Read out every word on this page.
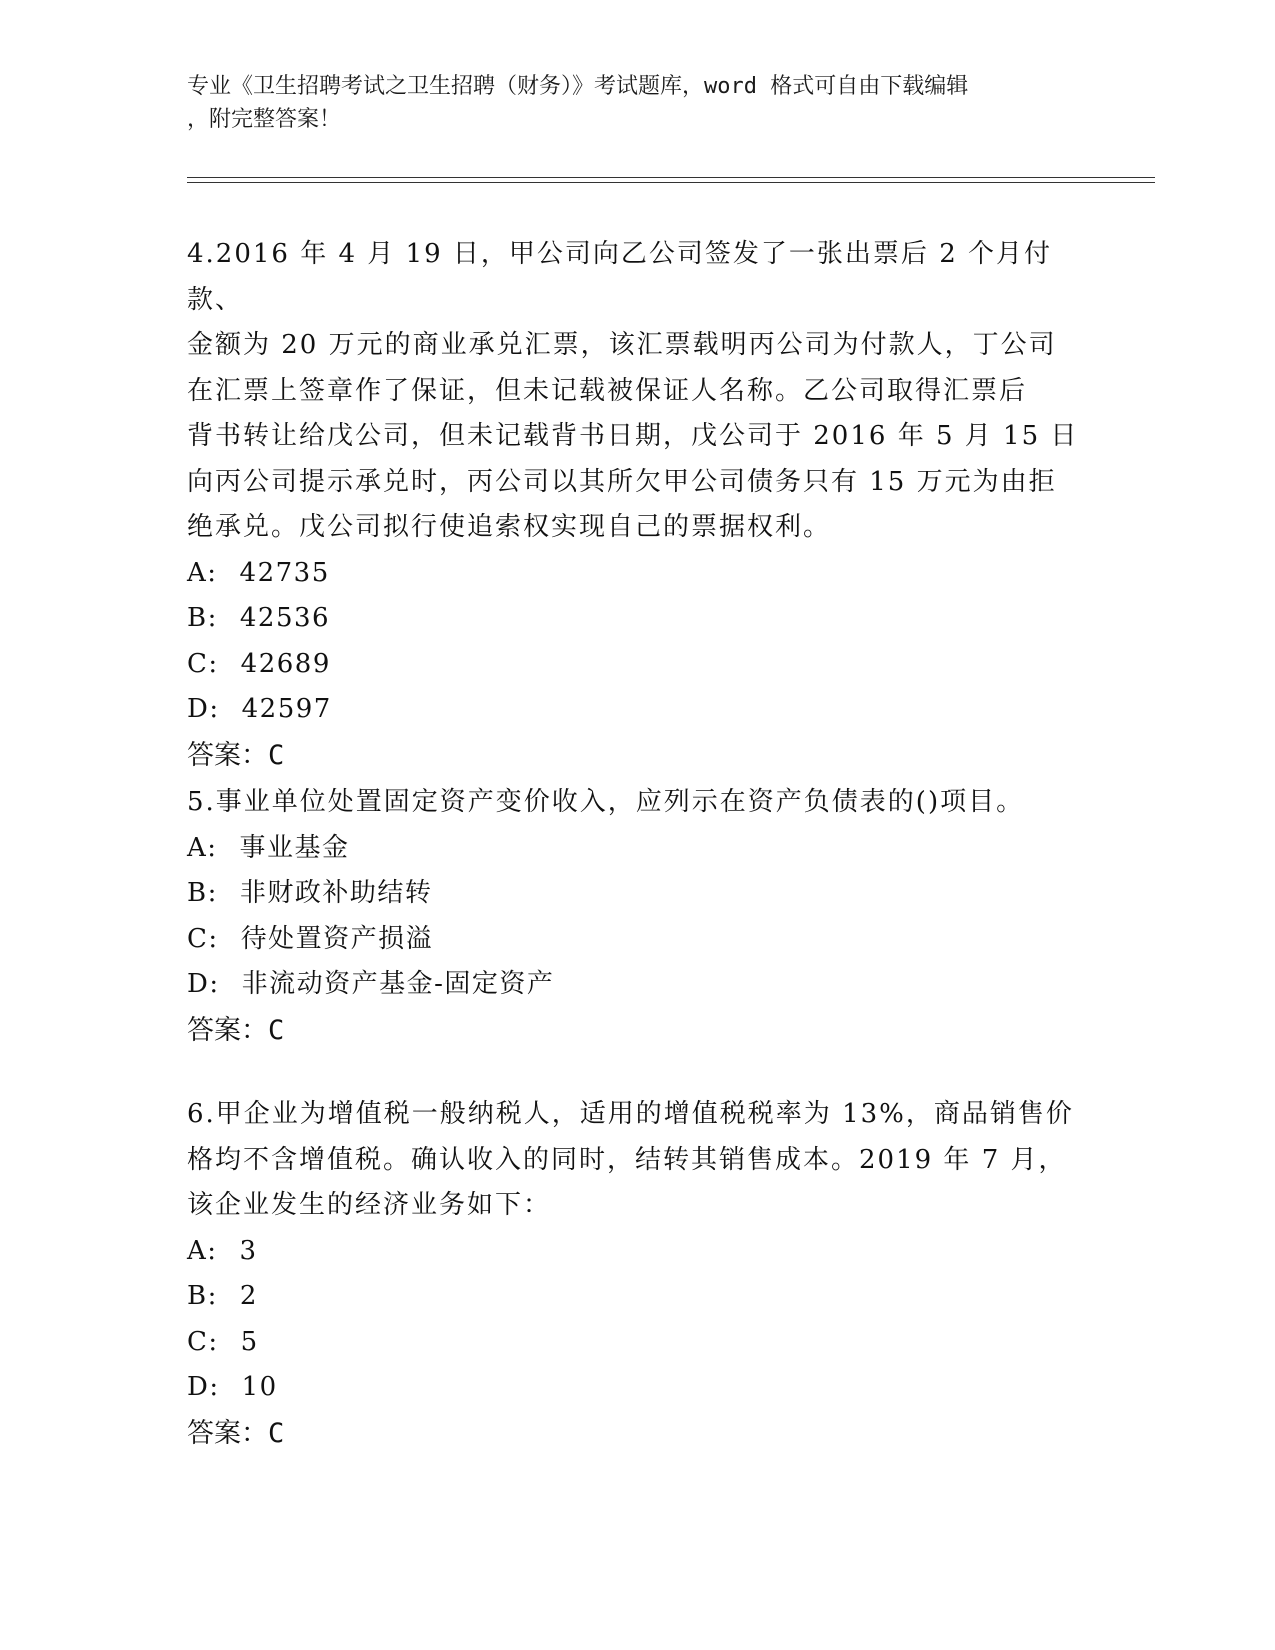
专业《卫生招聘考试之卫生招聘（财务）》考试题库，word 格式可自由下载编辑
，附完整答案！

4.2016 年 4 月 19 日，甲公司向乙公司签发了一张出票后 2 个月付款、

金额为 20 万元的商业承兑汇票，该汇票载明丙公司为付款人，丁公司

在汇票上签章作了保证，但未记载被保证人名称。乙公司取得汇票后

背书转让给戊公司，但未记载背书日期，戊公司于 2016 年 5 月 15 日

向丙公司提示承兑时，丙公司以其所欠甲公司债务只有 15 万元为由拒

绝承兑。戊公司拟行使追索权实现自己的票据权利。

A: 42735

B: 42536

C: 42689

D: 42597

答案：C

5.事业单位处置固定资产变价收入，应列示在资产负债表的()项目。

A: 事业基金

B: 非财政补助结转

C: 待处置资产损溢

D: 非流动资产基金-固定资产

答案：C

6.甲企业为增值税一般纳税人，适用的增值税税率为 13%，商品销售价

格均不含增值税。确认收入的同时，结转其销售成本。2019 年 7 月，

该企业发生的经济业务如下：

A: 3

B: 2

C: 5

D: 10

答案：C
